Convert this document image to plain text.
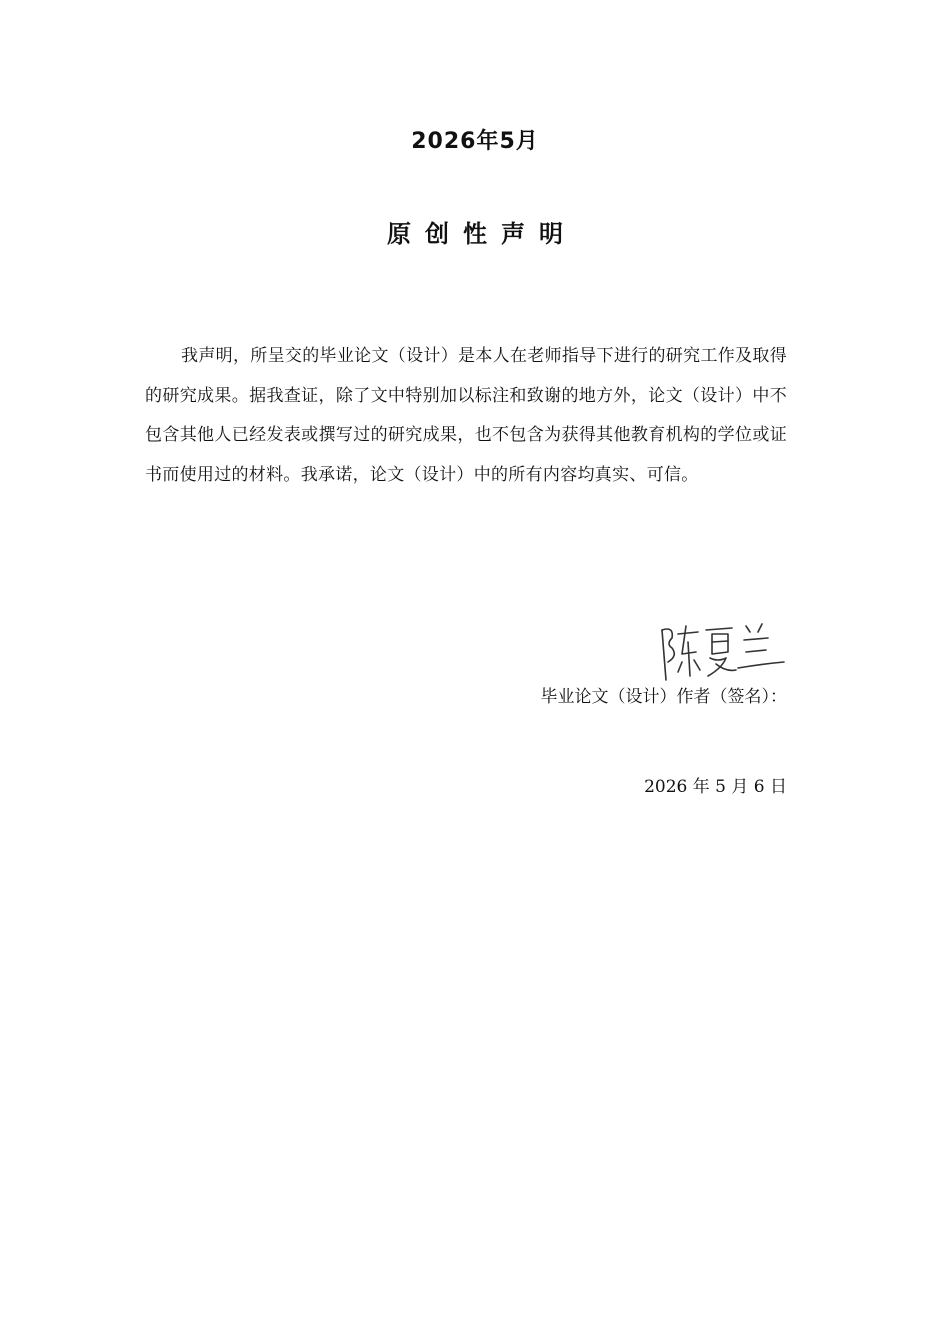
2026年5月
原创性声明
我声明，所呈交的毕业论文（设计）是本人在老师指导下进行的研究工作及取得的研究成果。据我查证，除了文中特别加以标注和致谢的地方外，论文（设计）中不包含其他人已经发表或撰写过的研究成果，也不包含为获得其他教育机构的学位或证书而使用过的材料。我承诺，论文（设计）中的所有内容均真实、可信。
毕业论文（设计）作者（签名）：
2026 年 5 月 6 日
